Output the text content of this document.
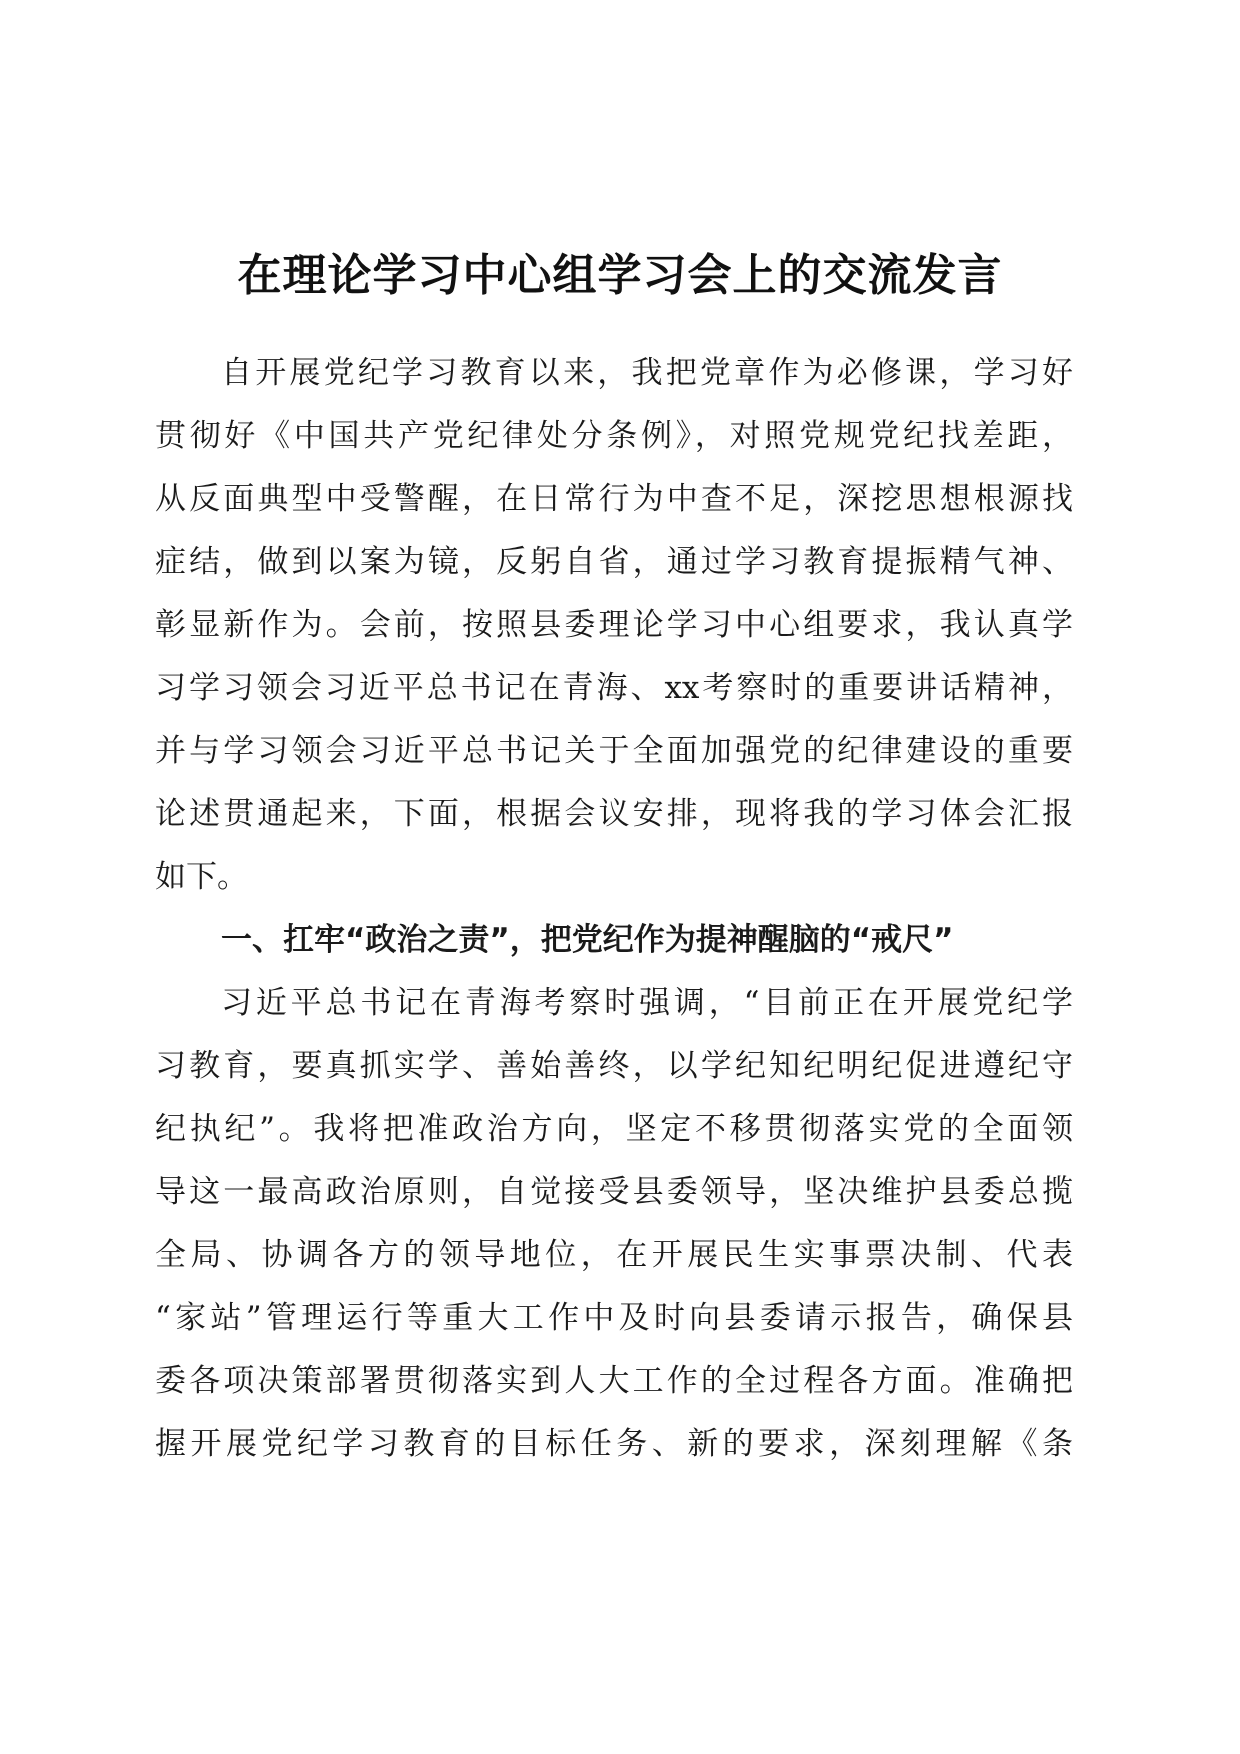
在理论学习中心组学习会上的交流发言
自开展党纪学习教育以来，我把党章作为必修课，学习好
贯彻好《中国共产党纪律处分条例》，对照党规党纪找差距，
从反面典型中受警醒，在日常行为中查不足，深挖思想根源找
症结，做到以案为镜，反躬自省，通过学习教育提振精气神、
彰显新作为。会前，按照县委理论学习中心组要求，我认真学
习学习领会习近平总书记在青海、xx考察时的重要讲话精神，
并与学习领会习近平总书记关于全面加强党的纪律建设的重要
论述贯通起来，下面，根据会议安排，现将我的学习体会汇报
如下。
一、扛牢“政治之责”，把党纪作为提神醒脑的“戒尺”
习近平总书记在青海考察时强调，“目前正在开展党纪学
习教育，要真抓实学、善始善终，以学纪知纪明纪促进遵纪守
纪执纪”。我将把准政治方向，坚定不移贯彻落实党的全面领
导这一最高政治原则，自觉接受县委领导，坚决维护县委总揽
全局、协调各方的领导地位，在开展民生实事票决制、代表
“家站”管理运行等重大工作中及时向县委请示报告，确保县
委各项决策部署贯彻落实到人大工作的全过程各方面。准确把
握开展党纪学习教育的目标任务、新的要求，深刻理解《条
